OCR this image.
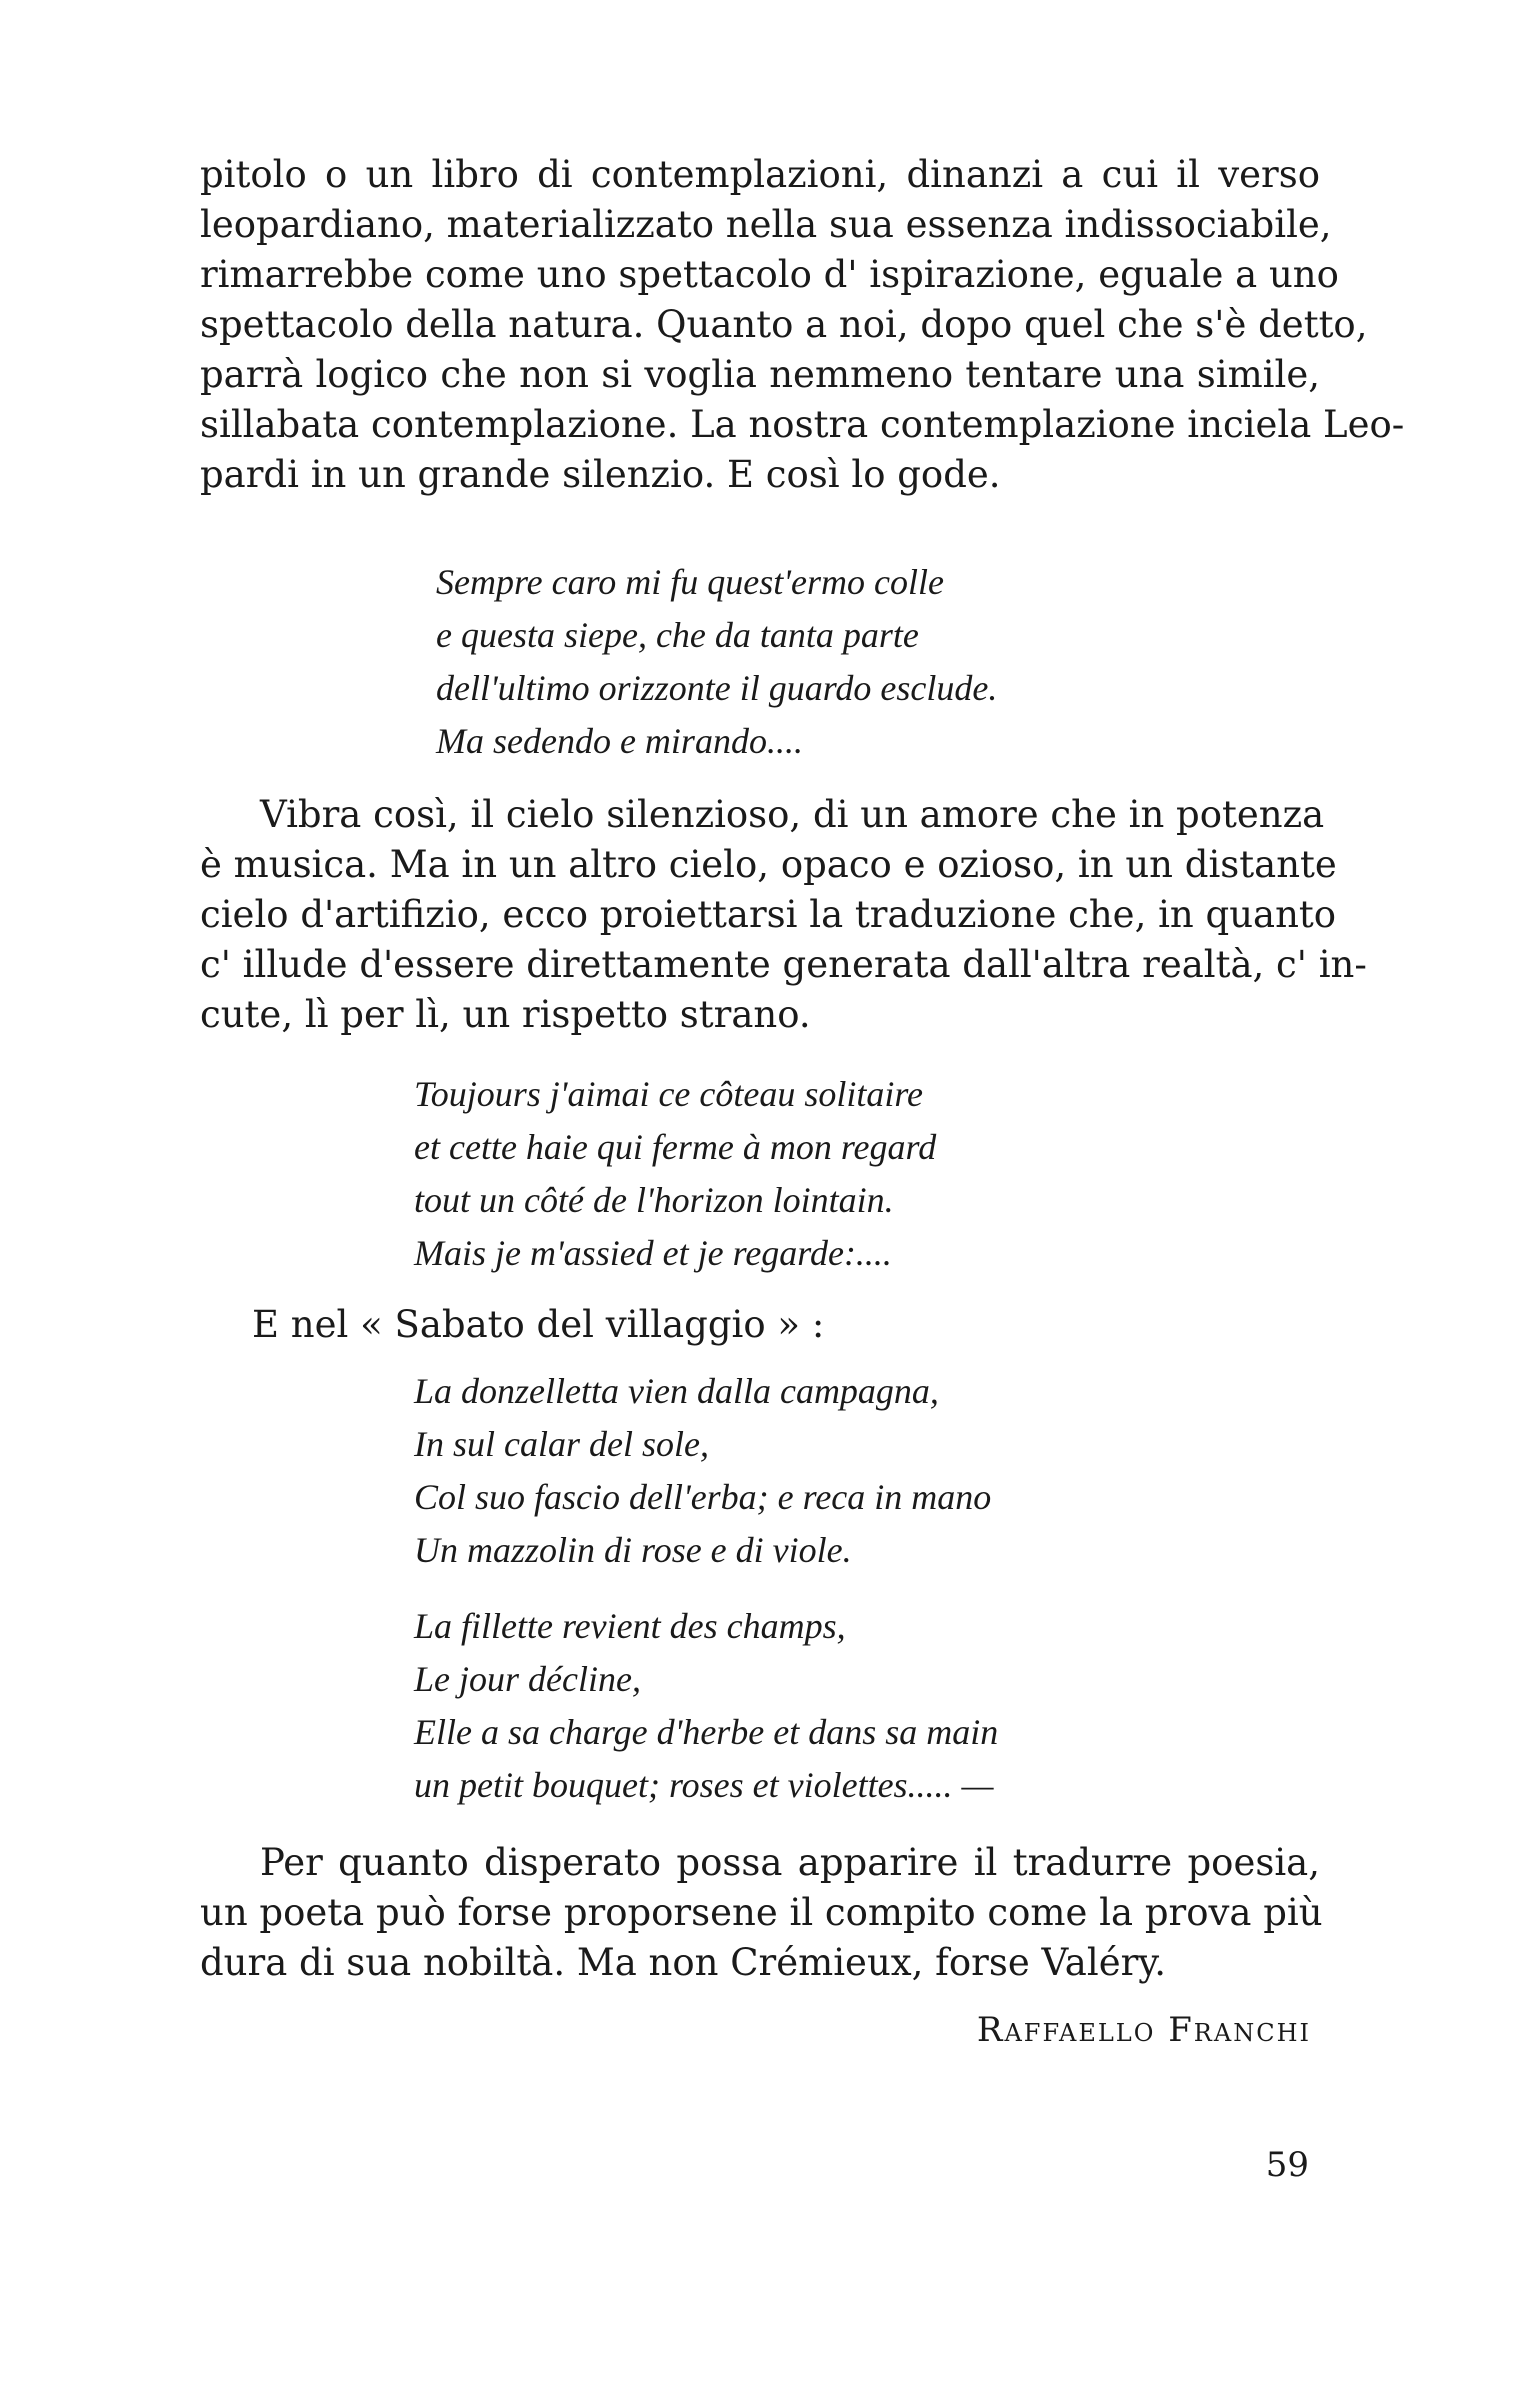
pitolo o un libro di contemplazioni, dinanzi a cui il verso
leopardiano, materializzato nella sua essenza indissociabile,
rimarrebbe come uno spettacolo d' ispirazione, eguale a uno
spettacolo della natura. Quanto a noi, dopo quel che s'è detto,
parrà logico che non si voglia nemmeno tentare una simile,
sillabata contemplazione. La nostra contemplazione inciela Leo-
pardi in un grande silenzio. E così lo gode.
Sempre caro mi fu quest'ermo colle
e questa siepe, che da tanta parte
dell'ultimo orizzonte il guardo esclude.
Ma sedendo e mirando....
Vibra così, il cielo silenzioso, di un amore che in potenza
è musica. Ma in un altro cielo, opaco e ozioso, in un distante
cielo d'artifizio, ecco proiettarsi la traduzione che, in quanto
c' illude d'essere direttamente generata dall'altra realtà, c' in-
cute, lì per lì, un rispetto strano.
Toujours j'aimai ce côteau solitaire
et cette haie qui ferme à mon regard
tout un côté de l'horizon lointain.
Mais je m'assied et je regarde:....

E nel « Sabato del villaggio » :

La donzelletta vien dalla campagna,
In sul calar del sole,
Col suo fascio dell'erba; e reca in mano
Un mazzolin di rose e di viole.
La fillette revient des champs,
Le jour décline,
Elle a sa charge d'herbe et dans sa main
un petit bouquet; roses et violettes..... —
Per quanto disperato possa apparire il tradurre poesia,
un poeta può forse proporsene il compito come la prova più
dura di sua nobiltà. Ma non Crémieux, forse Valéry.

Raffaello Franchi

59
